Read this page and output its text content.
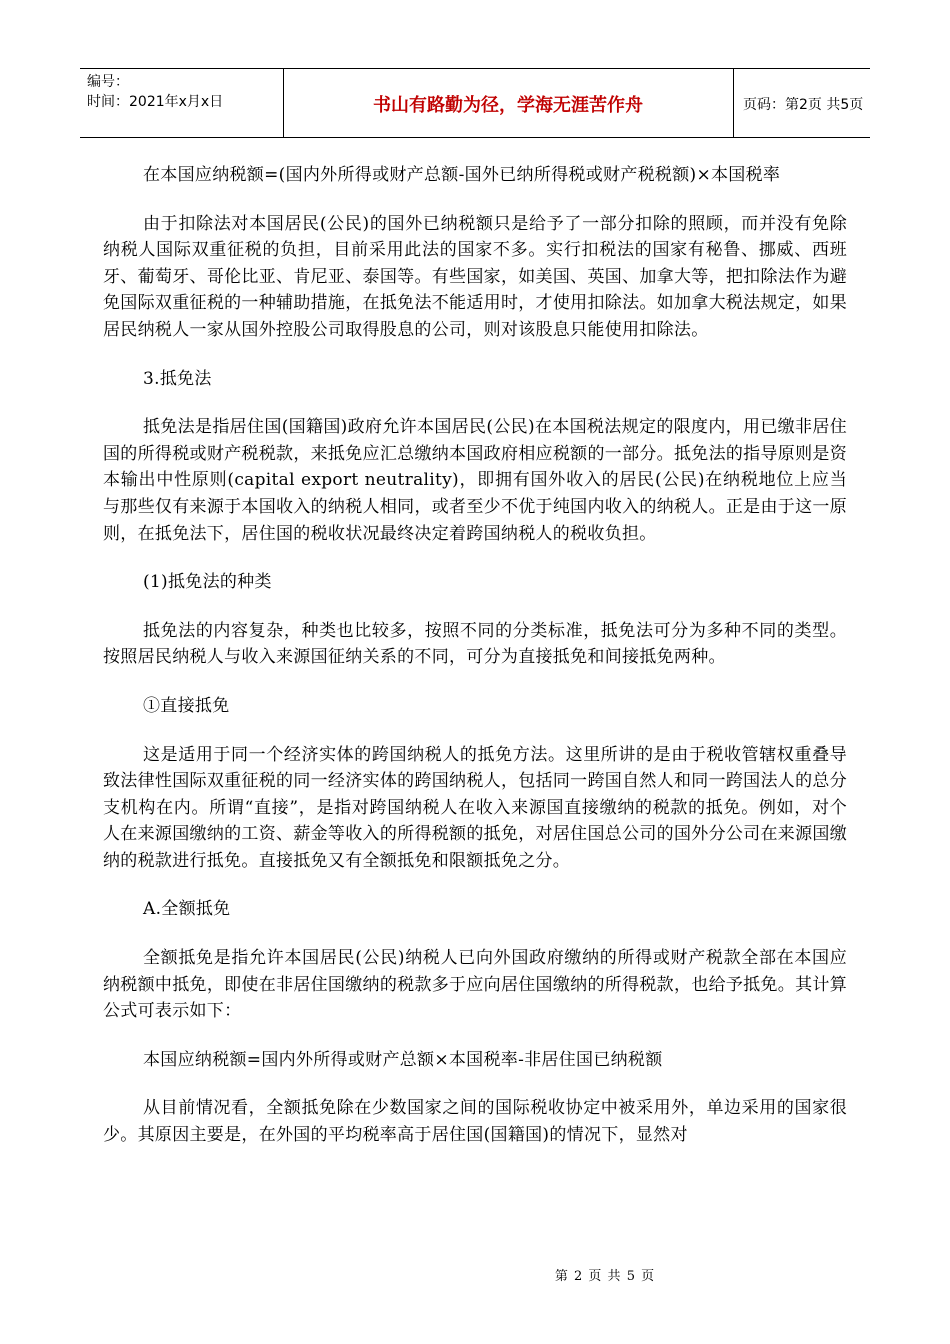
编号：
时间：2021年x月x日	书山有路勤为径，学海无涯苦作舟	页码：第2页 共5页

在本国应纳税额=(国内外所得或财产总额-国外已纳所得税或财产税税额)×本国税率

由于扣除法对本国居民(公民)的国外已纳税额只是给予了一部分扣除的照顾，而并没有免除纳税人国际双重征税的负担，目前采用此法的国家不多。实行扣税法的国家有秘鲁、挪威、西班牙、葡萄牙、哥伦比亚、肯尼亚、泰国等。有些国家，如美国、英国、加拿大等，把扣除法作为避免国际双重征税的一种辅助措施，在抵免法不能适用时，才使用扣除法。如加拿大税法规定，如果居民纳税人一家从国外控股公司取得股息的公司，则对该股息只能使用扣除法。

3.抵免法

抵免法是指居住国(国籍国)政府允许本国居民(公民)在本国税法规定的限度内，用已缴非居住国的所得税或财产税税款，来抵免应汇总缴纳本国政府相应税额的一部分。抵免法的指导原则是资本输出中性原则(capital export neutrality)，即拥有国外收入的居民(公民)在纳税地位上应当与那些仅有来源于本国收入的纳税人相同，或者至少不优于纯国内收入的纳税人。正是由于这一原则，在抵免法下，居住国的税收状况最终决定着跨国纳税人的税收负担。

(1)抵免法的种类

抵免法的内容复杂，种类也比较多，按照不同的分类标准，抵免法可分为多种不同的类型。按照居民纳税人与收入来源国征纳关系的不同，可分为直接抵免和间接抵免两种。

①直接抵免

这是适用于同一个经济实体的跨国纳税人的抵免方法。这里所讲的是由于税收管辖权重叠导致法律性国际双重征税的同一经济实体的跨国纳税人，包括同一跨国自然人和同一跨国法人的总分支机构在内。所谓“直接”，是指对跨国纳税人在收入来源国直接缴纳的税款的抵免。例如，对个人在来源国缴纳的工资、薪金等收入的所得税额的抵免，对居住国总公司的国外分公司在来源国缴纳的税款进行抵免。直接抵免又有全额抵免和限额抵免之分。

A.全额抵免

全额抵免是指允许本国居民(公民)纳税人已向外国政府缴纳的所得或财产税款全部在本国应纳税额中抵免，即使在非居住国缴纳的税款多于应向居住国缴纳的所得税款，也给予抵免。其计算公式可表示如下：

本国应纳税额=国内外所得或财产总额×本国税率-非居住国已纳税额

从目前情况看，全额抵免除在少数国家之间的国际税收协定中被采用外，单边采用的国家很少。其原因主要是，在外国的平均税率高于居住国(国籍国)的情况下，显然对

第 2 页 共 5 页
